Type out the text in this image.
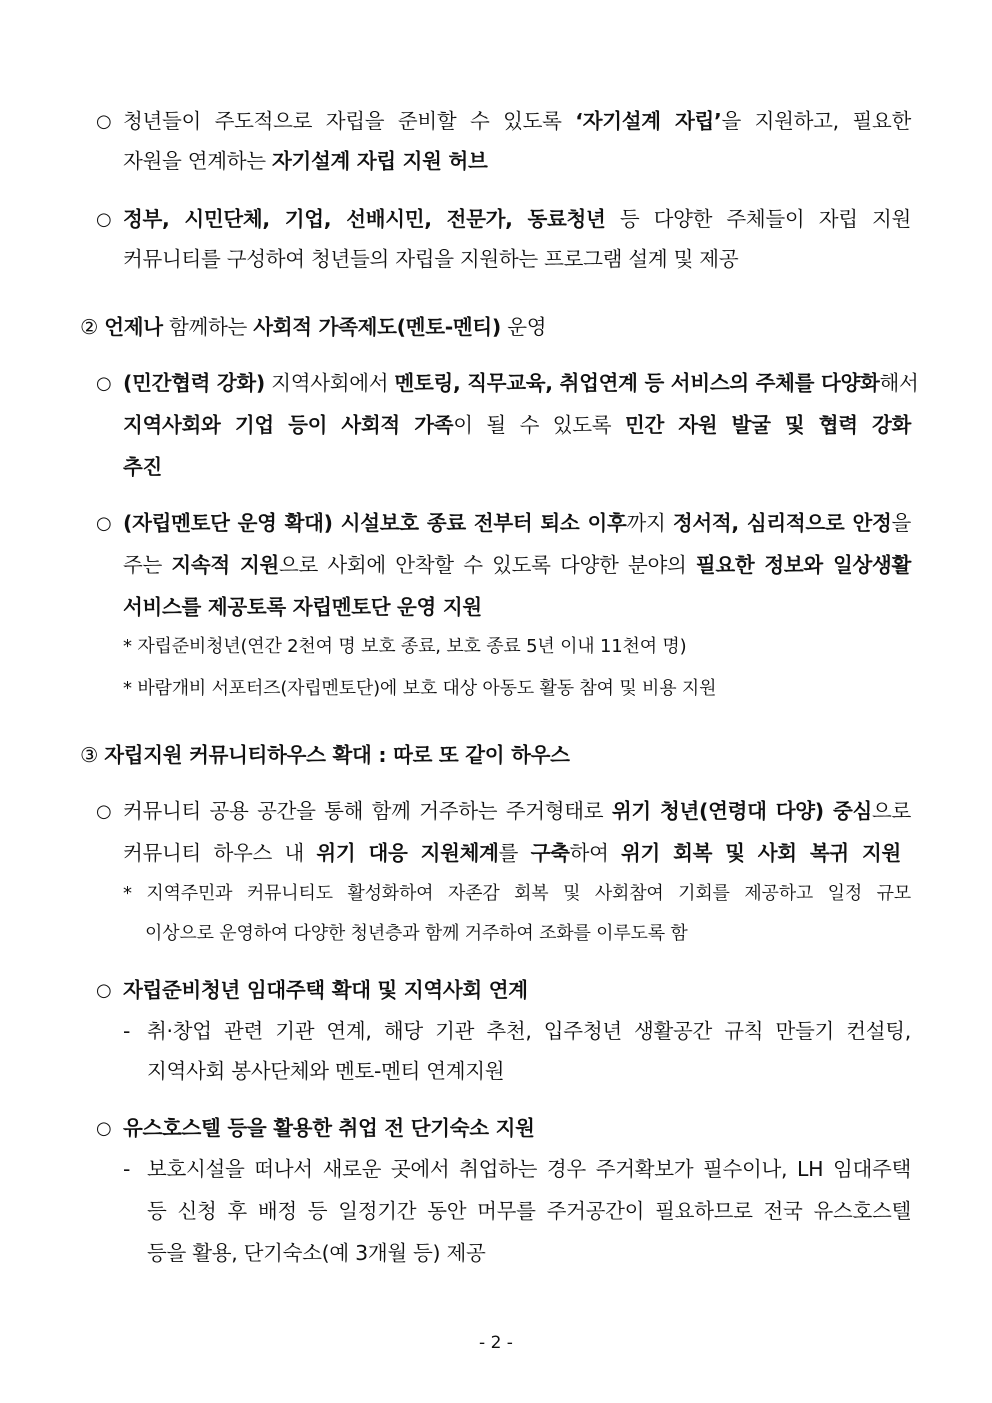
○ 청년들이 주도적으로 자립을 준비할 수 있도록 ‘자기설계 자립’을 지원하고, 필요한
자원을 연계하는 자기설계 자립 지원 허브
○ 정부, 시민단체, 기업, 선배시민, 전문가, 동료청년 등 다양한 주체들이 자립 지원
커뮤니티를 구성하여 청년들의 자립을 지원하는 프로그램 설계 및 제공
② 언제나 함께하는 사회적 가족제도(멘토-멘티) 운영
○ (민간협력 강화) 지역사회에서 멘토링, 직무교육, 취업연계 등 서비스의 주체를 다양화해서
지역사회와 기업 등이 사회적 가족이 될 수 있도록 민간 자원 발굴 및 협력 강화
추진
○ (자립멘토단 운영 확대) 시설보호 종료 전부터 퇴소 이후까지 정서적, 심리적으로 안정을
주는 지속적 지원으로 사회에 안착할 수 있도록 다양한 분야의 필요한 정보와 일상생활
서비스를 제공토록 자립멘토단 운영 지원
* 자립준비청년(연간 2천여 명 보호 종료, 보호 종료 5년 이내 11천여 명)
* 바람개비 서포터즈(자립멘토단)에 보호 대상 아동도 활동 참여 및 비용 지원
③ 자립지원 커뮤니티하우스 확대 : 따로 또 같이 하우스
○ 커뮤니티 공용 공간을 통해 함께 거주하는 주거형태로 위기 청년(연령대 다양) 중심으로
커뮤니티 하우스 내 위기 대응 지원체계를 구축하여 위기 회복 및 사회 복귀 지원
* 지역주민과 커뮤니티도 활성화하여 자존감 회복 및 사회참여 기회를 제공하고 일정 규모
이상으로 운영하여 다양한 청년층과 함께 거주하여 조화를 이루도록 함
○ 자립준비청년 임대주택 확대 및 지역사회 연계
- 취·창업 관련 기관 연계, 해당 기관 추천, 입주청년 생활공간 규칙 만들기 컨설팅,
지역사회 봉사단체와 멘토-멘티 연계지원
○ 유스호스텔 등을 활용한 취업 전 단기숙소 지원
- 보호시설을 떠나서 새로운 곳에서 취업하는 경우 주거확보가 필수이나, LH 임대주택
등 신청 후 배정 등 일정기간 동안 머무를 주거공간이 필요하므로 전국 유스호스텔
등을 활용, 단기숙소(예 3개월 등) 제공
- 2 -
